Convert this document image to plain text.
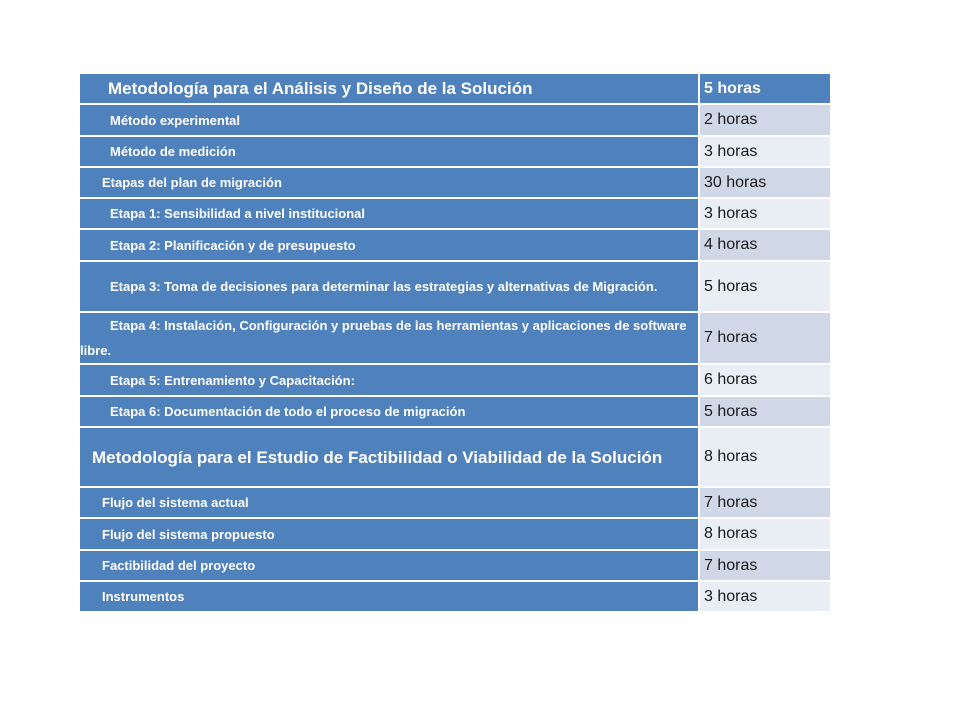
Metodología para el Análisis y Diseño de la Solución	5 horas
Método experimental	2 horas
Método de medición	3 horas
Etapas del plan de migración	30 horas
Etapa 1: Sensibilidad a nivel institucional	3 horas
Etapa 2: Planificación y de presupuesto	4 horas
Etapa 3: Toma de decisiones para determinar las estrategias y alternativas de Migración.	5 horas
Etapa 4: Instalación, Configuración y pruebas de las herramientas y aplicaciones de software libre.	7 horas
Etapa 5: Entrenamiento y Capacitación:	6 horas
Etapa 6: Documentación de todo el proceso de migración	5 horas
Metodología para el Estudio de Factibilidad o Viabilidad de la Solución	8 horas
Flujo del sistema actual	7 horas
Flujo del sistema propuesto	8 horas
Factibilidad del proyecto	7 horas
Instrumentos	3 horas
